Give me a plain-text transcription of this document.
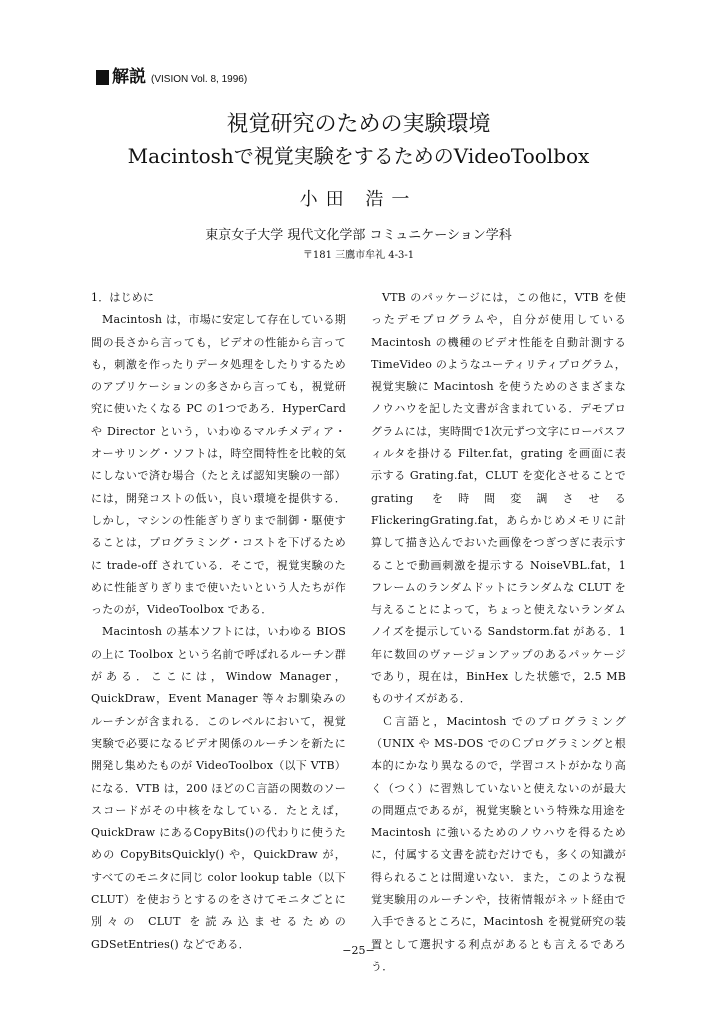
解説 (VISION Vol. 8, 1996)
視覚研究のための実験環境
Macintoshで視覚実験をするためのVideoToolbox
小田 浩一
東京女子大学 現代文化学部 コミュニケーション学科
〒181 三鷹市牟礼 4-3-1

1．はじめに

Macintosh は，市場に安定して存在している期間の長さから言っても，ビデオの性能から言っても，刺激を作ったりデータ処理をしたりするためのアプリケーションの多さから言っても，視覚研究に使いたくなる PC の1つであろ．HyperCard や Director という，いわゆるマルチメディア・オーサリング・ソフトは，時空間特性を比較的気にしないで済む場合（たとえば認知実験の一部）には，開発コストの低い，良い環境を提供する．しかし，マシンの性能ぎりぎりまで制御・駆使することは，プログラミング・コストを下げるために trade-off されている．そこで，視覚実験のために性能ぎりぎりまで使いたいという人たちが作ったのが，VideoToolbox である．

Macintosh の基本ソフトには，いわゆる BIOS の上に Toolbox という名前で呼ばれるルーチン群がある．ここには，Window Manager，QuickDraw，Event Manager 等々お馴染みのルーチンが含まれる．このレベルにおいて，視覚実験で必要になるビデオ関係のルーチンを新たに開発し集めたものが VideoToolbox（以下 VTB）になる．VTB は，200 ほどのＣ言語の関数のソースコードがその中核をなしている．たとえば，QuickDraw にあるCopyBits()の代わりに使うための CopyBitsQuickly() や，QuickDraw が，すべてのモニタに同じ color lookup table（以下CLUT）を使おうとするのをさけてモニタごとに別々の CLUT を読み込ませるための GDSetEntries() などである．

VTB のパッケージには，この他に，VTB を使ったデモプログラムや，自分が使用している Macintosh の機種のビデオ性能を自動計測する TimeVideo のようなユーティリティプログラム，視覚実験に Macintosh を使うためのさまざまなノウハウを記した文書が含まれている．デモプログラムには，実時間で1次元ずつ文字にローパスフィルタを掛ける Filter.fat，grating を画面に表示する Grating.fat，CLUT を変化させることで grating を時間変調させる FlickeringGrating.fat，あらかじめメモリに計算して描き込んでおいた画像をつぎつぎに表示することで動画刺激を提示する NoiseVBL.fat，1フレームのランダムドットにランダムな CLUT を与えることによって，ちょっと使えないランダムノイズを提示している Sandstorm.fat がある．1年に数回のヴァージョンアップのあるパッケージであり，現在は，BinHex した状態で，2.5 MB ものサイズがある．

Ｃ言語と，Macintosh でのプログラミング（UNIX や MS-DOS でのＣプログラミングと根本的にかなり異なるので，学習コストがかなり高く（つく）に習熟していないと使えないのが最大の問題点であるが，視覚実験という特殊な用途を Macintosh に強いるためのノウハウを得るために，付属する文書を読むだけでも，多くの知識が得られることは間違いない．また，このような視覚実験用のルーチンや，技術情報がネット経由で入手できるところに，Macintosh を視覚研究の装置として選択する利点があるとも言えるであろう．

−25−
